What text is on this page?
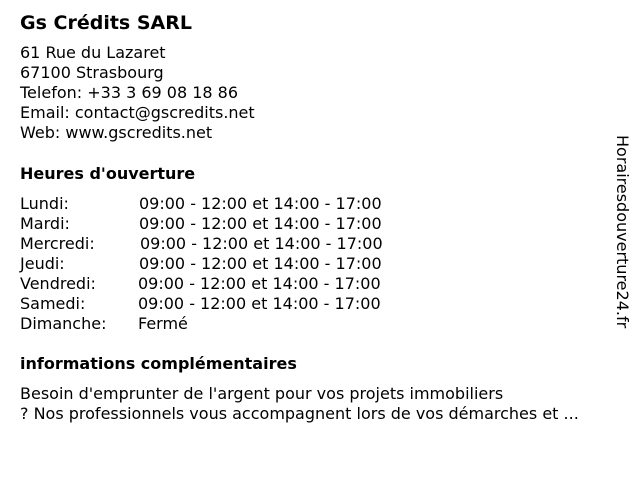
Gs Crédits SARL
61 Rue du Lazaret
67100 Strasbourg
Telefon: +33 3 69 08 18 86
Email: contact@gscredits.net
Web: www.gscredits.net
Heures d'ouverture
Lundi:	09:00 - 12:00 et 14:00 - 17:00
Mardi:	09:00 - 12:00 et 14:00 - 17:00
Mercredi:	09:00 - 12:00 et 14:00 - 17:00
Jeudi:	09:00 - 12:00 et 14:00 - 17:00
Vendredi:	09:00 - 12:00 et 14:00 - 17:00
Samedi:	09:00 - 12:00 et 14:00 - 17:00
Dimanche: Fermé
informations complémentaires
Besoin d'emprunter de l'argent pour vos projets immobiliers
? Nos professionnels vous accompagnent lors de vos démarches et ...
Horairesdouverture24.fr
